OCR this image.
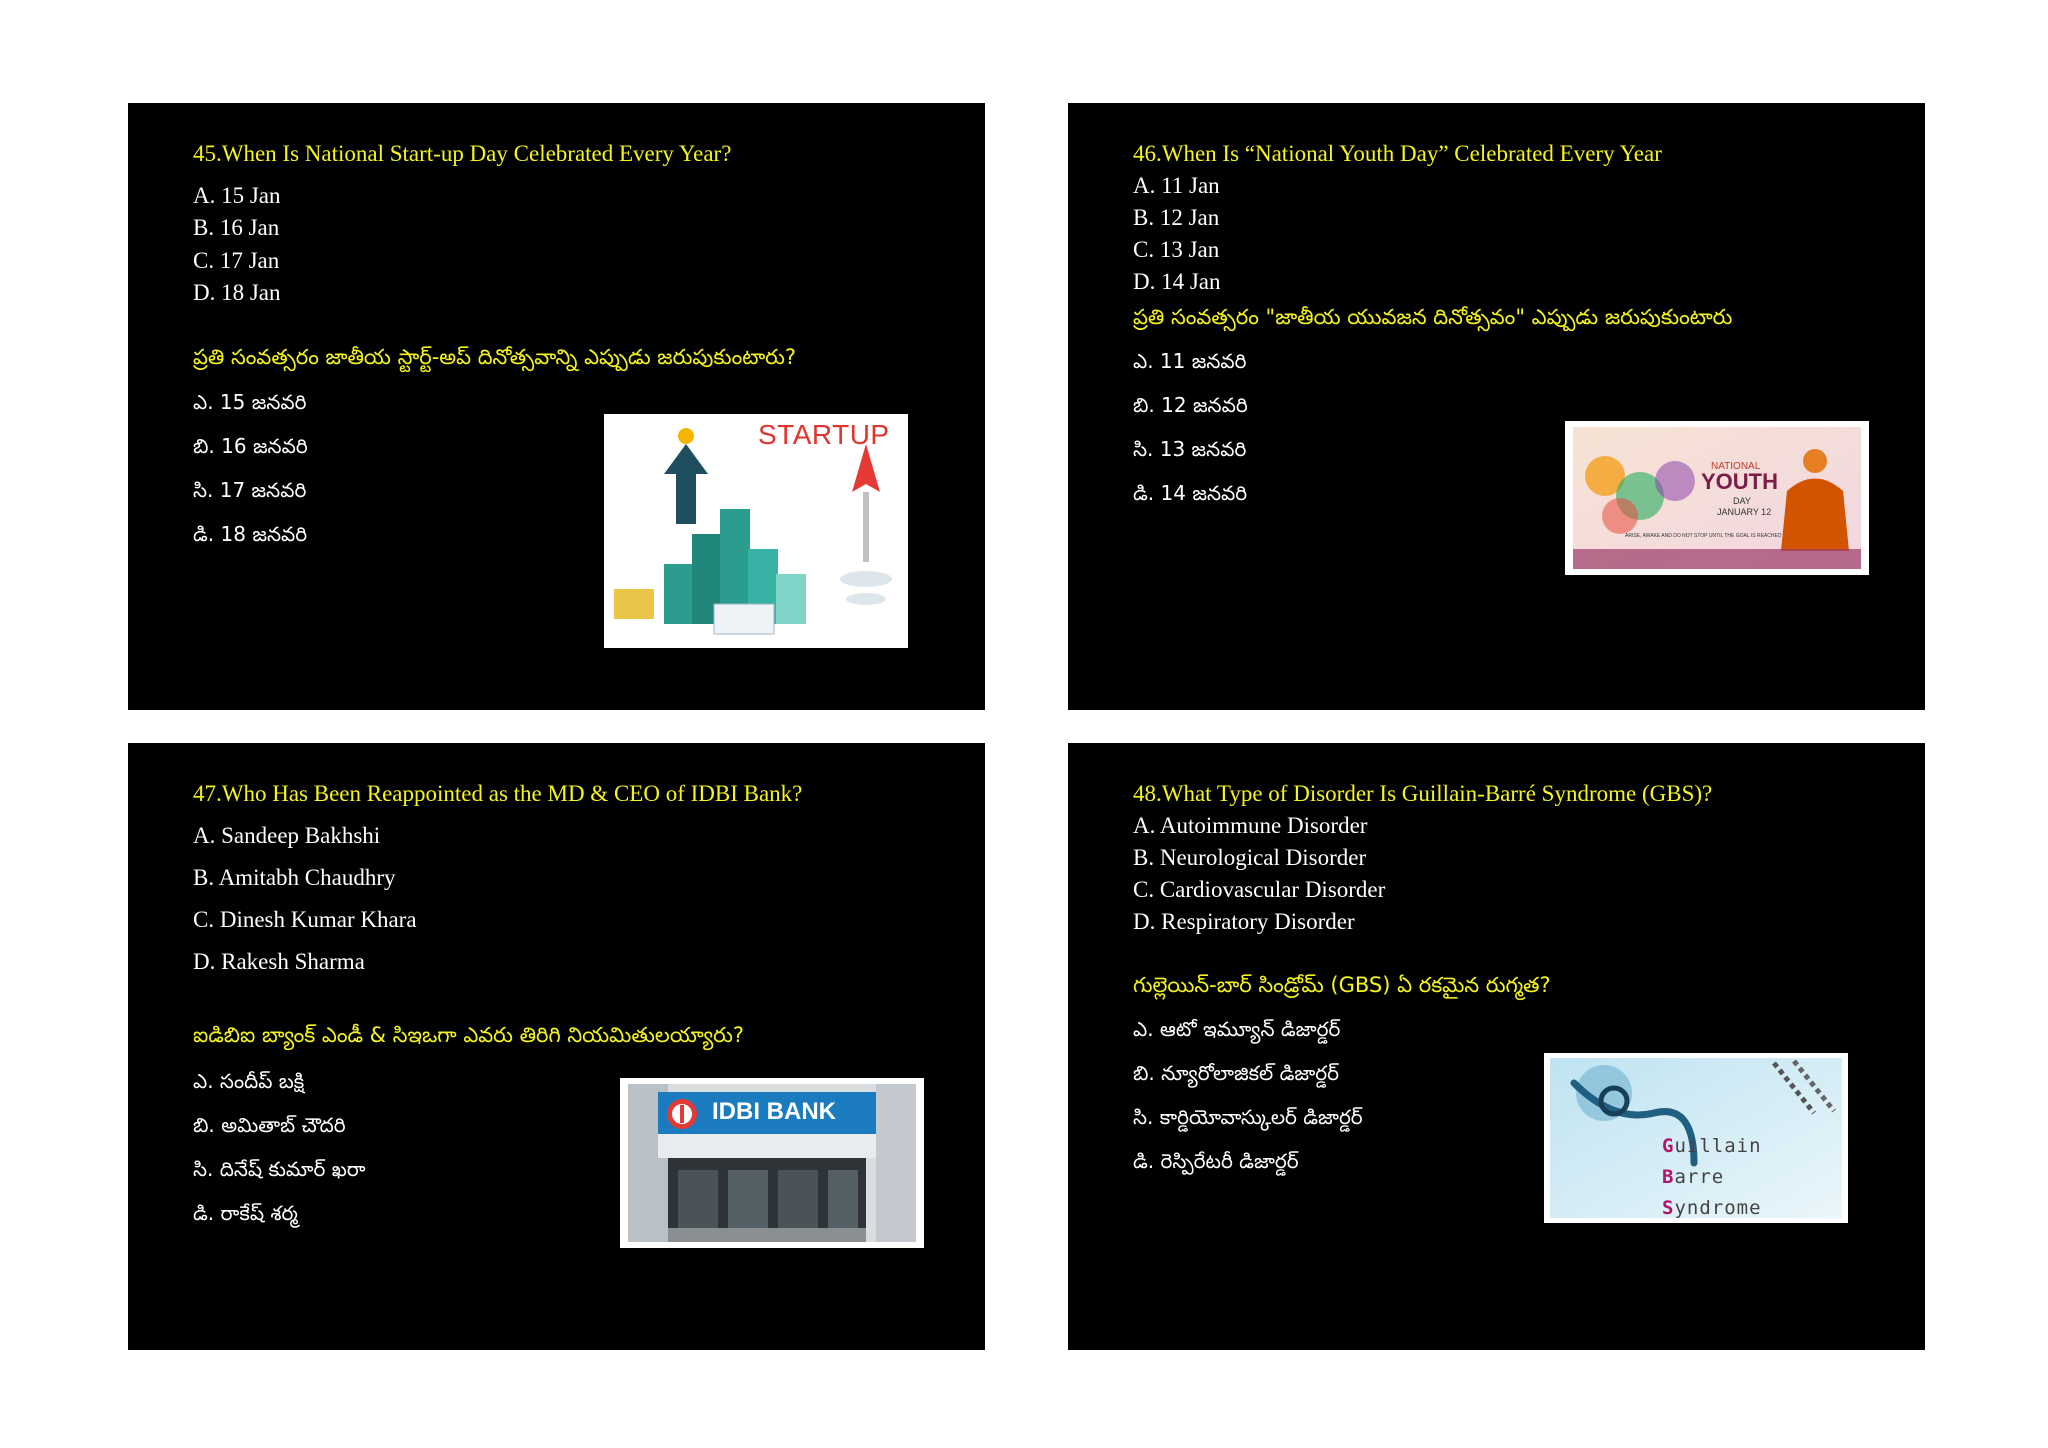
45.When Is National Start-up Day Celebrated Every Year?
A. 15 Jan
B. 16 Jan
C. 17 Jan
D. 18 Jan
ప్రతి సంవత్సరం జాతీయ స్టార్ట్-అప్ దినోత్సవాన్ని ఎప్పుడు జరుపుకుంటారు?
ఎ. 15 జనవరి
బి. 16 జనవరి
సి. 17 జనవరి
డి. 18 జనవరి
STARTUP
46.When Is “National Youth Day” Celebrated Every Year
A. 11 Jan
B. 12 Jan
C. 13 Jan
D. 14 Jan
ప్రతి సంవత్సరం "జాతీయ యువజన దినోత్సవం" ఎప్పుడు జరుపుకుంటారు
ఎ. 11 జనవరి
బి. 12 జనవరి
సి. 13 జనవరి
డి. 14 జనవరి
NATIONAL
YOUTH
DAY
JANUARY 12
ARISE, AWAKE AND DO NOT STOP UNTIL THE GOAL IS REACHED
47.Who Has Been Reappointed as the MD & CEO of IDBI Bank?
A. Sandeep Bakhshi
B. Amitabh Chaudhry
C. Dinesh Kumar Khara
D. Rakesh Sharma
ఐడిబిఐ బ్యాంక్ ఎండీ & సిఇఒగా ఎవరు తిరిగి నియమితులయ్యారు?
ఎ. సందీప్ బక్షి
బి. అమితాబ్ చౌదరి
సి. దినేష్ కుమార్ ఖరా
డి. రాకేష్ శర్మ
IDBI BANK
48.What Type of Disorder Is Guillain-Barré Syndrome (GBS)?
A. Autoimmune Disorder
B. Neurological Disorder
C. Cardiovascular Disorder
D. Respiratory Disorder
గుల్లెయిన్-బార్ సిండ్రోమ్ (GBS) ఏ రకమైన రుగ్మత?
ఎ. ఆటో ఇమ్యూన్ డిజార్డర్
బి. న్యూరోలాజికల్ డిజార్డర్
సి. కార్డియోవాస్కులర్ డిజార్డర్
డి. రెస్పిరేటరీ డిజార్డర్
Guillain
Barre
Syndrome
